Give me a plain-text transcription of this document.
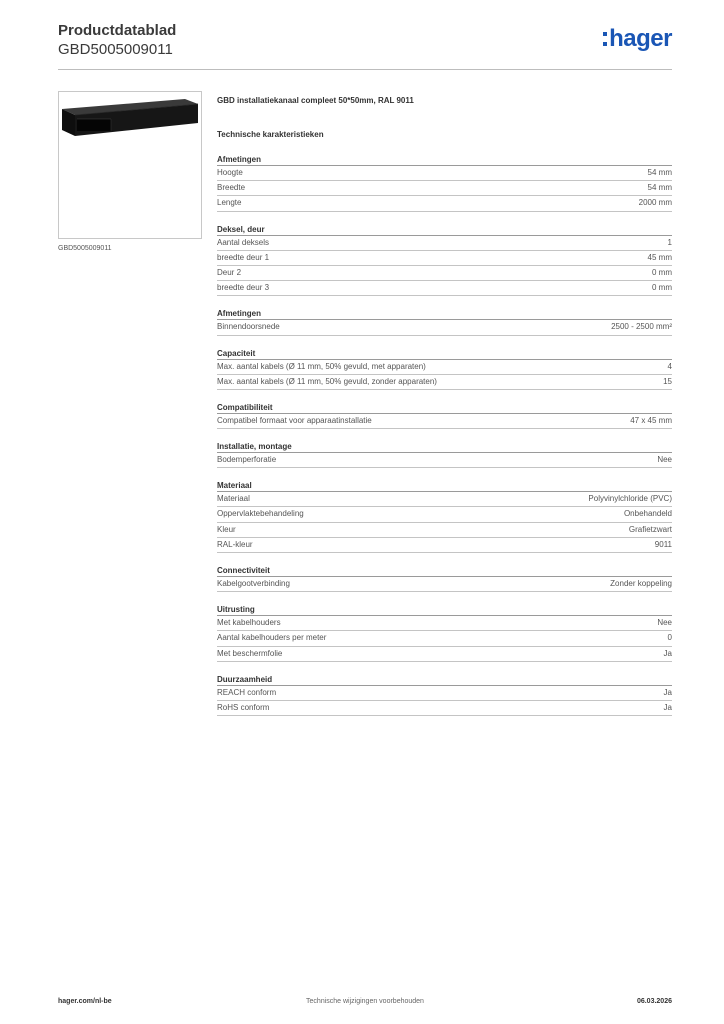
Productdatablad
GBD5005009011	hager
GBD5005009011
GBD installatiekanaal compleet 50*50mm, RAL 9011
Technische karakteristieken
Afmetingen
Hoogte	54 mm
Breedte	54 mm
Lengte	2000 mm
Deksel, deur
Aantal deksels	1
breedte deur 1	45 mm
Deur 2	0 mm
breedte deur 3	0 mm
Afmetingen
Binnendoorsnede	2500 - 2500 mm²
Capaciteit
Max. aantal kabels (Ø 11 mm, 50% gevuld, met apparaten)	4
Max. aantal kabels (Ø 11 mm, 50% gevuld, zonder apparaten)	15
Compatibiliteit
Compatibel formaat voor apparaatinstallatie	47 x 45 mm
Installatie, montage
Bodemperforatie	Nee
Materiaal
Materiaal	Polyvinylchloride (PVC)
Oppervlaktebehandeling	Onbehandeld
Kleur	Grafietzwart
RAL-kleur	9011
Connectiviteit
Kabelgootverbinding	Zonder koppeling
Uitrusting
Met kabelhouders	Nee
Aantal kabelhouders per meter	0
Met beschermfolie	Ja
Duurzaamheid
REACH conform	Ja
RoHS conform	Ja
hager.com/nl-be	Technische wijzigingen voorbehouden	06.03.2026
